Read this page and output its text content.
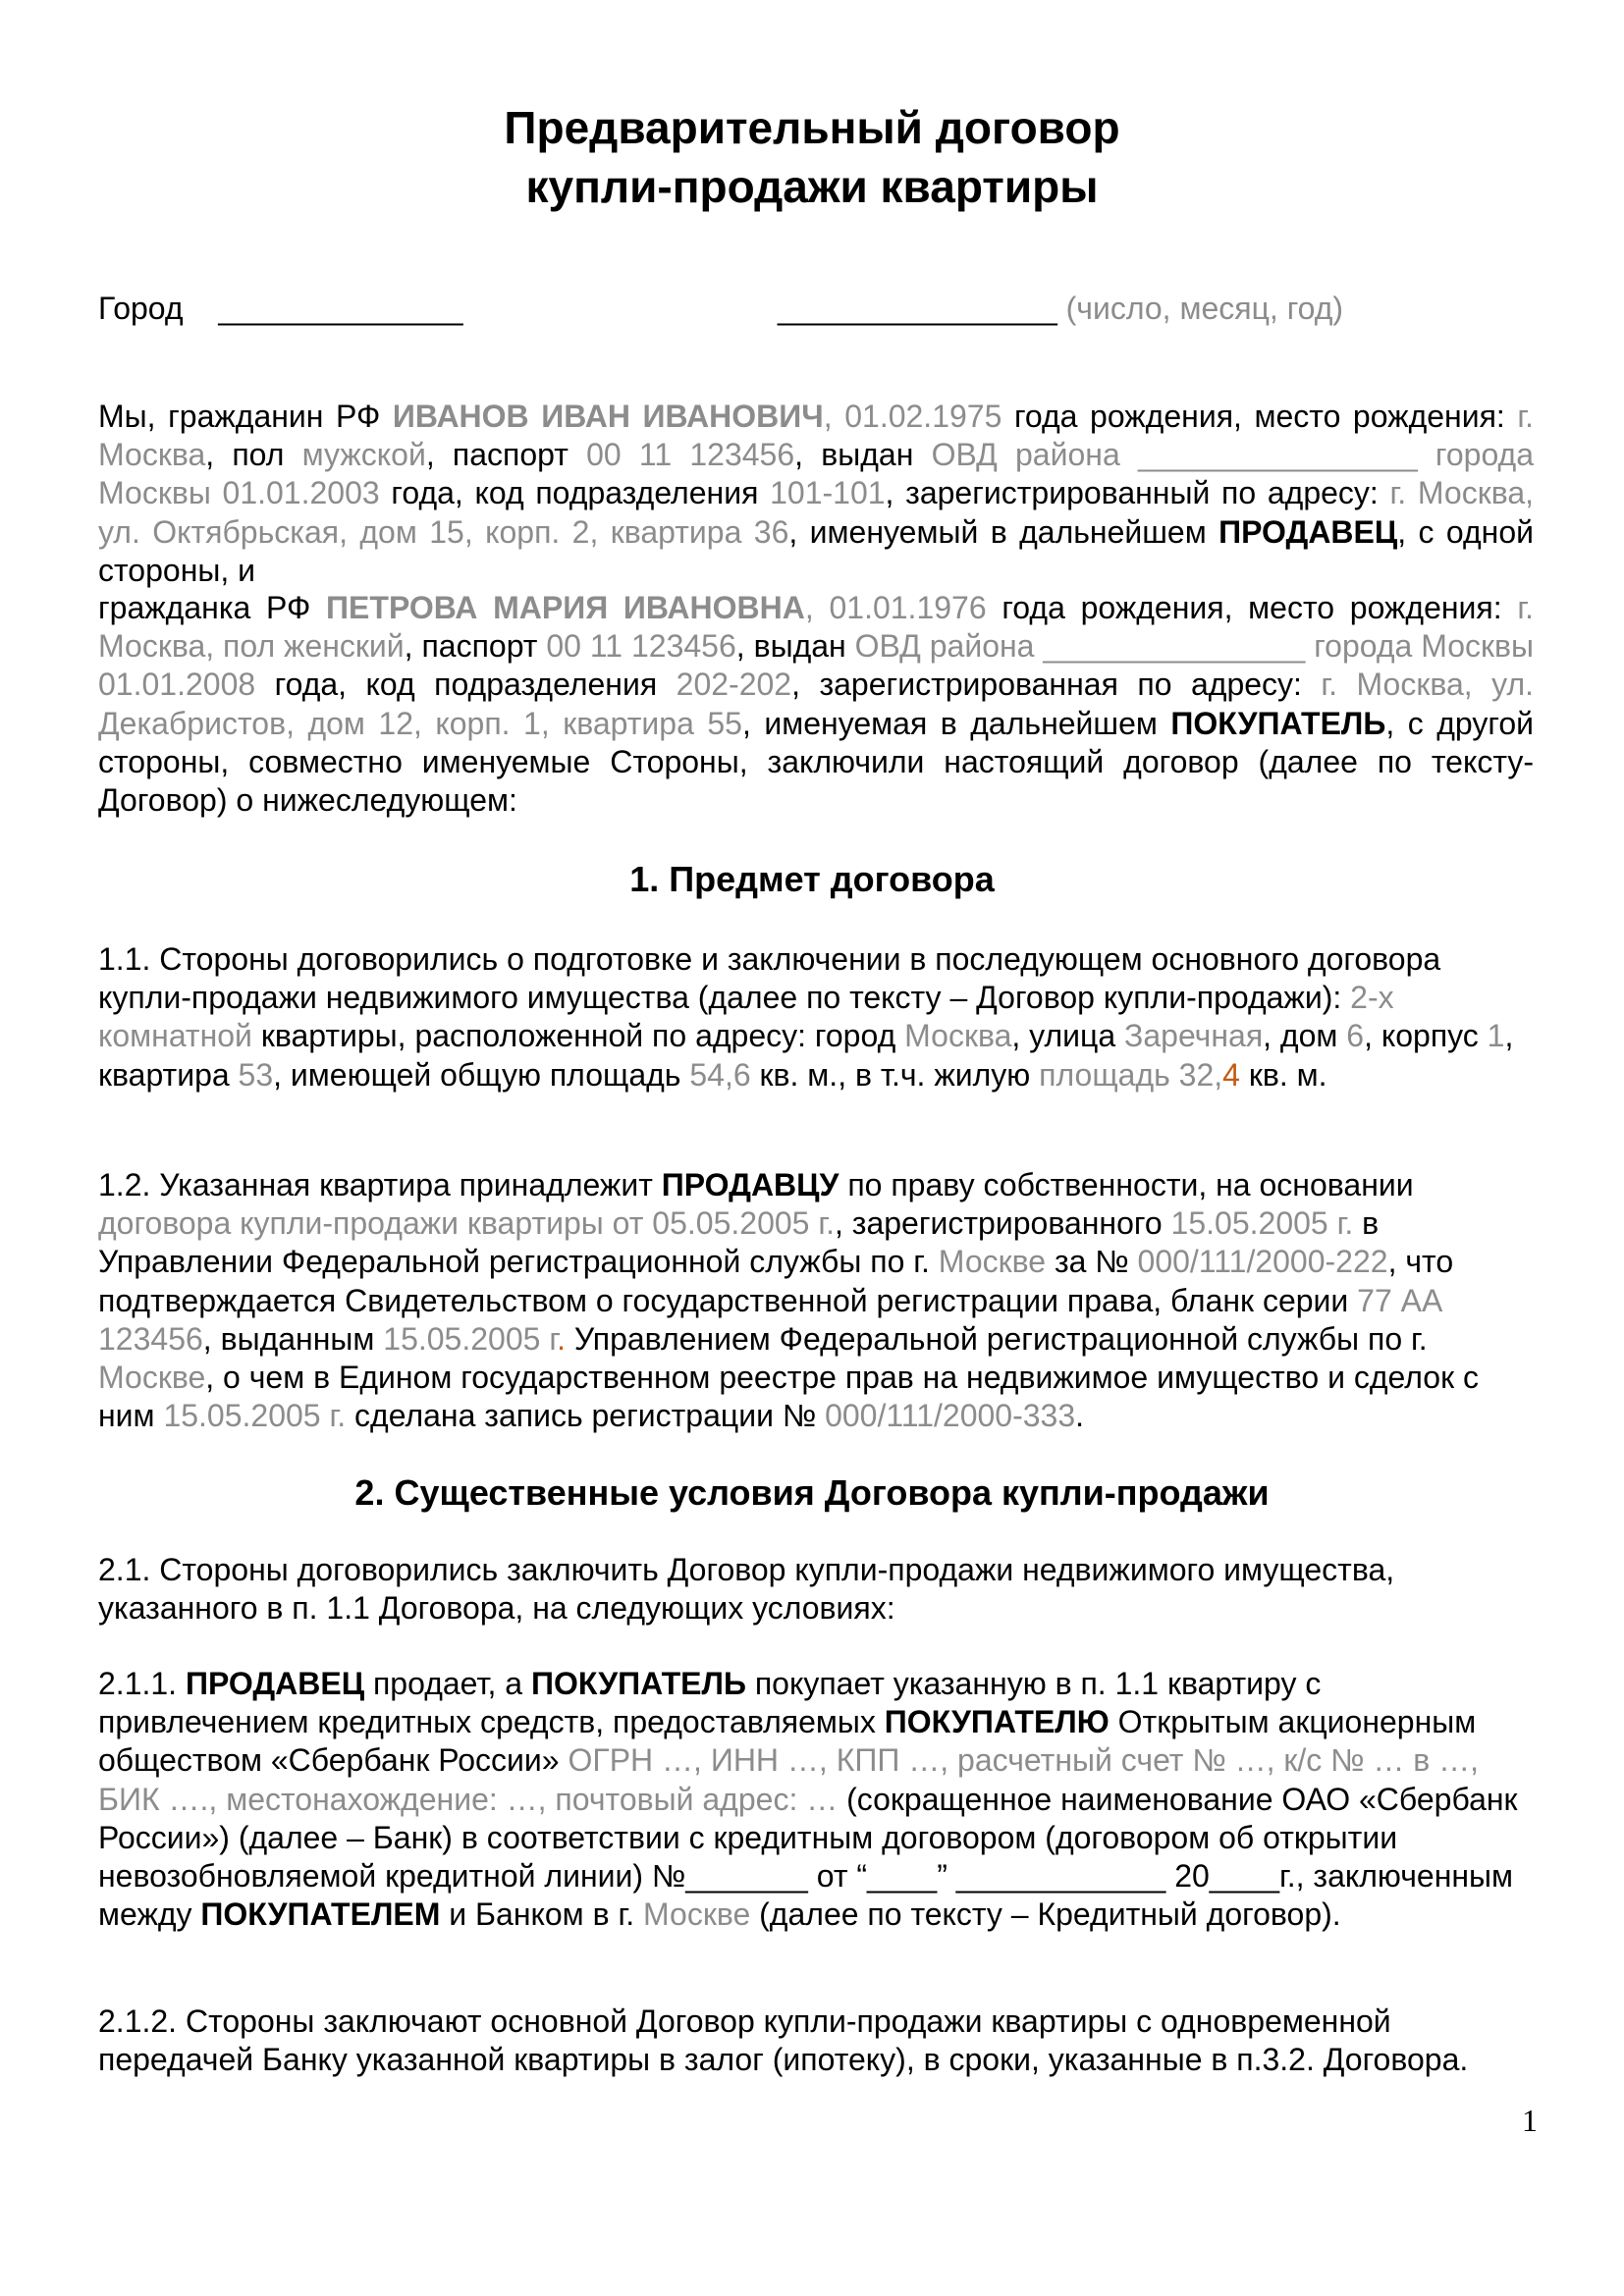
Предварительный договор
купли-продажи квартиры
Город ______________	________________ (число, месяц, год)
Мы, гражданин РФ ИВАНОВ ИВАН ИВАНОВИЧ, 01.02.1975 года рождения, место рождения: г. Москва, пол мужской, паспорт 00 11 123456, выдан ОВД района ________________ города Москвы 01.01.2003 года, код подразделения 101-101, зарегистрированный по адресу: г. Москва, ул. Октябрьская, дом 15, корп. 2, квартира 36, именуемый в дальнейшем ПРОДАВЕЦ, с одной стороны, и
гражданка РФ ПЕТРОВА МАРИЯ ИВАНОВНА, 01.01.1976 года рождения, место рождения: г. Москва, пол женский, паспорт 00 11 123456, выдан ОВД района _______________ города Москвы 01.01.2008 года, код подразделения 202-202, зарегистрированная по адресу: г. Москва, ул. Декабристов, дом 12, корп. 1, квартира 55, именуемая в дальнейшем ПОКУПАТЕЛЬ, с другой стороны, совместно именуемые Стороны, заключили настоящий договор (далее по тексту-Договор) о нижеследующем:
1. Предмет договора
1.1. Стороны договорились о подготовке и заключении в последующем основного договора купли-продажи недвижимого имущества (далее по тексту – Договор купли-продажи): 2-х комнатной квартиры, расположенной по адресу: город Москва, улица Заречная, дом 6, корпус 1, квартира 53, имеющей общую площадь 54,6 кв. м., в т.ч. жилую площадь 32,4 кв. м.
1.2. Указанная квартира принадлежит ПРОДАВЦУ по праву собственности, на основании договора купли-продажи квартиры от 05.05.2005 г., зарегистрированного 15.05.2005 г. в Управлении Федеральной регистрационной службы по г. Москве за № 000/111/2000-222, что подтверждается Свидетельством о государственной регистрации права, бланк серии 77 АА 123456, выданным 15.05.2005 г. Управлением Федеральной регистрационной службы по г. Москве, о чем в Едином государственном реестре прав на недвижимое имущество и сделок с ним 15.05.2005 г. сделана запись регистрации № 000/111/2000-333.
2. Существенные условия Договора купли-продажи
2.1. Стороны договорились заключить Договор купли-продажи недвижимого имущества, указанного в п. 1.1 Договора, на следующих условиях:
2.1.1. ПРОДАВЕЦ продает, а ПОКУПАТЕЛЬ покупает указанную в п. 1.1 квартиру с привлечением кредитных средств, предоставляемых ПОКУПАТЕЛЮ Открытым акционерным обществом «Сбербанк России» ОГРН …, ИНН …, КПП …, расчетный счет № …, к/с № … в …, БИК …., местонахождение: …, почтовый адрес: … (сокращенное наименование ОАО «Сбербанк России») (далее – Банк) в соответствии с кредитным договором (договором об открытии невозобновляемой кредитной линии) №_______ от “____” ____________ 20____г., заключенным между ПОКУПАТЕЛЕМ и Банком в г. Москве (далее по тексту – Кредитный договор).
2.1.2. Стороны заключают основной Договор купли-продажи квартиры с одновременной передачей Банку указанной квартиры в залог (ипотеку), в сроки, указанные в п.3.2. Договора.
1
